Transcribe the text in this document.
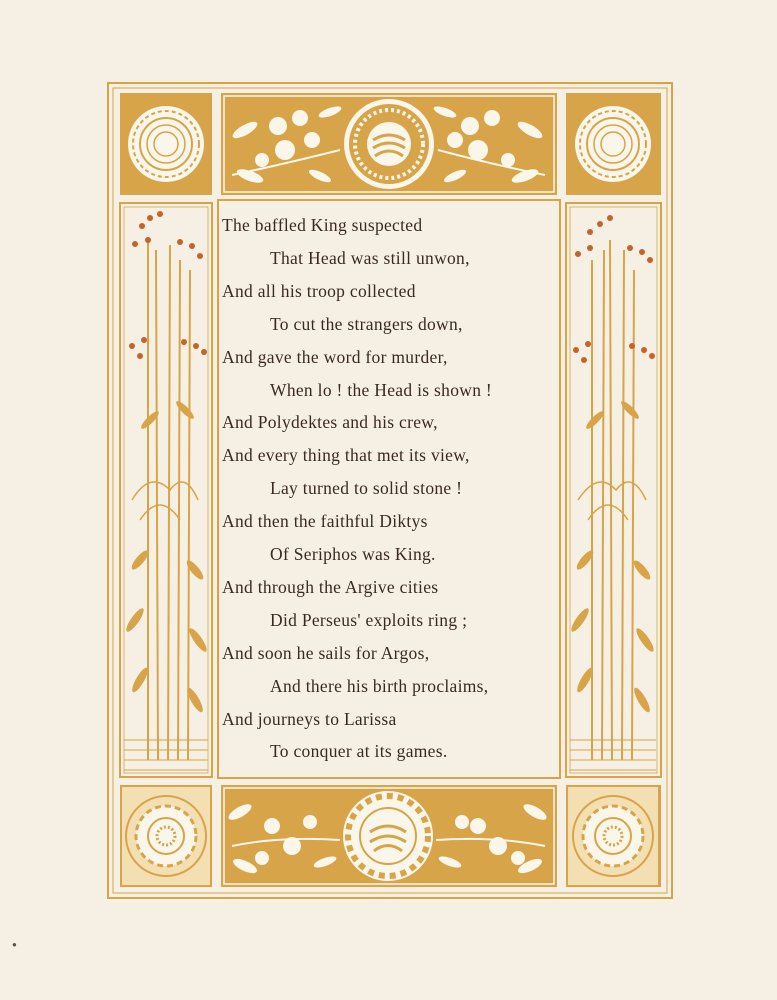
The baffled King suspected
That Head was still unwon,
And all his troop collected
To cut the strangers down,
And gave the word for murder,
When lo ! the Head is shown !
And Polydektes and his crew,
And every thing that met its view,
Lay turned to solid stone !
And then the faithful Diktys
Of Seriphos was King.
And through the Argive cities
Did Perseus' exploits ring ;
And soon he sails for Argos,
And there his birth proclaims,
And journeys to Larissa
To conquer at its games.
●
